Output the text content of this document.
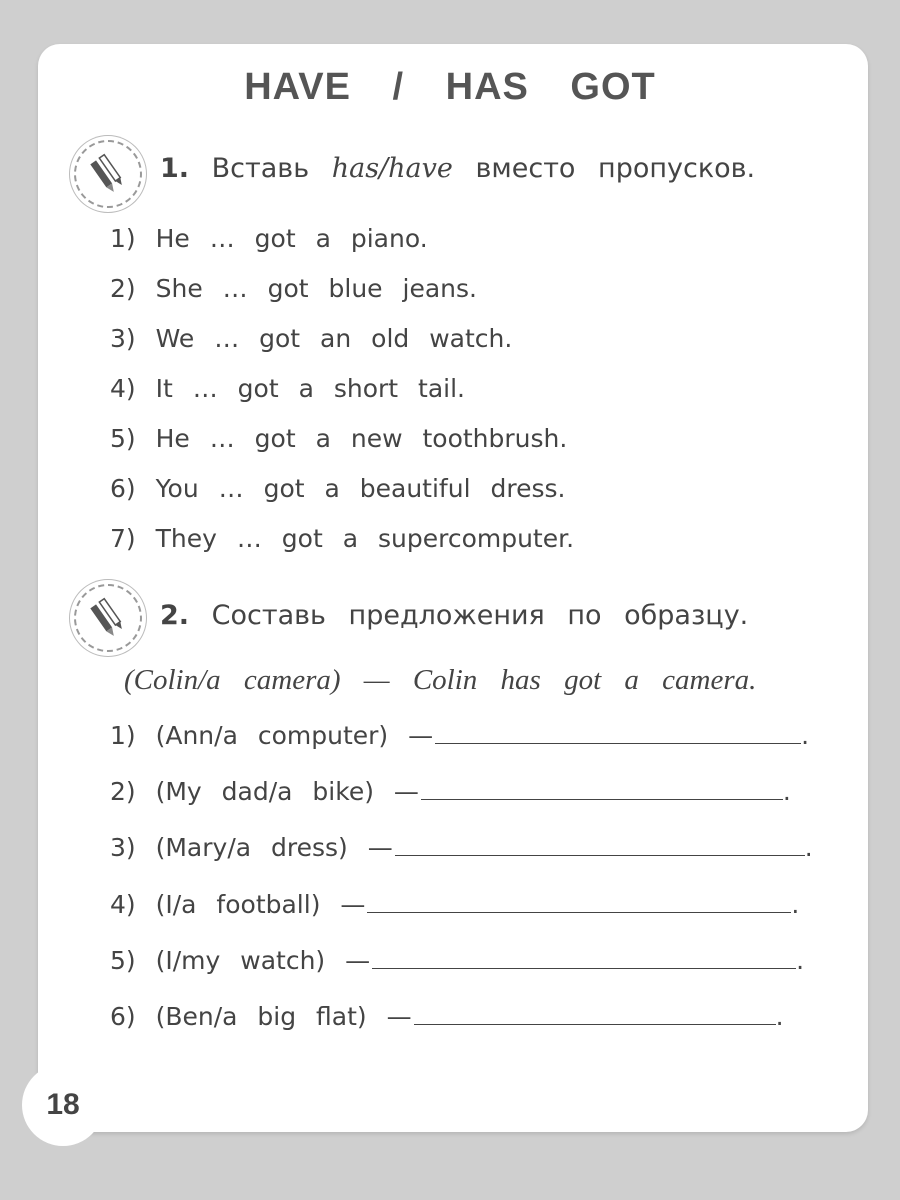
HAVE / HAS GOT
1. Вставь has/have вместо пропусков.
1) He … got a piano.
2) She … got blue jeans.
3) We … got an old watch.
4) It … got a short tail.
5) He … got a new toothbrush.
6) You … got a beautiful dress.
7) They … got a supercomputer.
2. Составь предложения по образцу.
(Colin/a camera) — Colin has got a camera.
1) (Ann/a computer) —	.
2) (My dad/a bike) —	.
3) (Mary/a dress) —	.
4) (I/a football) —	.
5) (I/my watch) —	.
6) (Ben/a big flat) —	.
18
